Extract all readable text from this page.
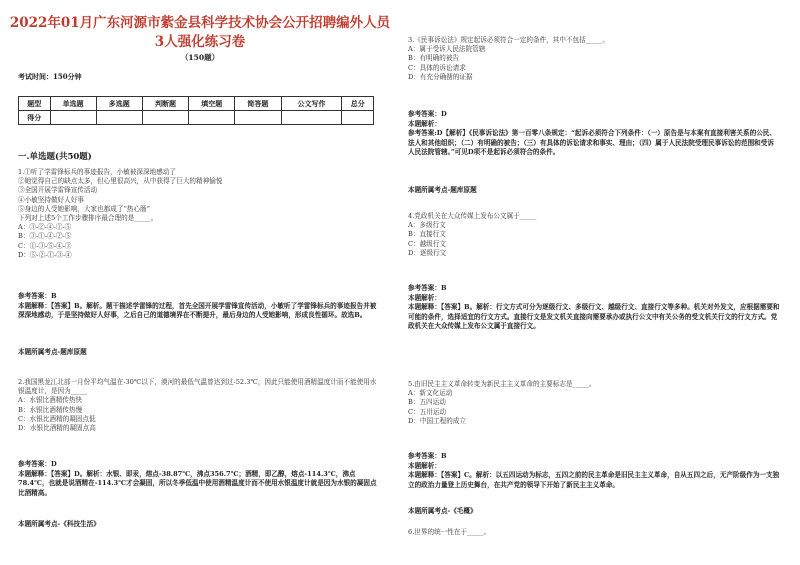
2022年01月广东河源市紫金县科学技术协会公开招聘编外人员3人强化练习卷
（150题）
考试时间：150分钟
题型	单选题	多选题	判断题	填空题	简答题	公文写作	总分
得分							
一.单选题(共50题)
1.①听了学雷锋标兵的事迹报告，小敏被深深地感动了
②她觉得自己的缺点太多，但心里很高兴，从中获得了巨大的精神愉悦
③全国开展学雷锋宣传活动
④小敏坚持做好人好事
⑤身边的人受她影响，大家也都成了“热心肠”
下列对上述5个工作步骤排序最合理的是_____。
A：③-②-④-①-⑤
B：③-①-④-②-⑤
C：①-③-⑤-④-③
D：⑤-②-①-③-④
参考答案：B
本题解释：【答案】B。解析。题干描述学雷锋的过程，首先全国开展学雷锋宣传活动，小敏听了学雷锋标兵的事迹报告并被深深地感动，于是坚持做好人好事，之后自己的道德境界在不断提升，最后身边的人受她影响，形成良性循环。故选B。
本题所属考点-题库原题
2.我国黑龙江北部一月份平均气温在-30℃以下，漠河的最低气温曾达到过-52.3℃，因此只能使用酒精温度计而不能使用水银温度计，是因为_____
A：水银比酒精传热快
B：水银比酒精传热慢
C：水银比酒精的凝固点低
D：水银比酒精的凝固点高
参考答案：D
本题解释：【答案】D。解析：水银、即汞，熔点-38.87℃，沸点356.7℃；酒精，即乙醇，熔点-114.3℃，沸点78.4℃，也就是说酒精在-114.3℃才会凝固，所以冬季低温中使用酒精温度计而不使用水银温度计就是因为水银的凝固点比酒精高。
本题所属考点-《科技生活》
3.《民事诉讼法》规定起诉必须符合一定的条件，其中不包括_____。
A：属于受诉人民法院管辖
B：有明确的被告
C：具体的诉讼请求
D：有充分确凿的证据
参考答案：D
本题解析：
参考答案:D【解析】《民事诉讼法》第一百零八条规定：“起诉必须符合下列条件：（一）原告是与本案有直接利害关系的公民、法人和其他组织；（二）有明确的被告；（三）有具体的诉讼请求和事实、理由；（四）属于人民法院受理民事诉讼的范围和受诉人民法院管辖。”可见D项不是起诉必须符合的条件。
本题所属考点-题库原题
4.党政机关在大众传媒上发布公文属于_____
A：多级行文
B：直接行文
C：越级行文
D：逐级行文
参考答案：B
本题解析：
本题解释：【答案】B。解析：行文方式可分为逐级行文、多级行文、越级行文、直接行文等多种。机关对外发文，应根据需要和可能的条件，选择适宜的行文方式。直接行文是发文机关直接向需要承办或执行公文中有关公务的受文机关行文的行文方式。党政机关在大众传媒上发布公文属于直接行文。
5.由旧民主主义革命转变为新民主主义革命的主要标志是_____。
A：新文化运动
B：五四运动
C：五卅运动
D：中国工程的成立
参考答案：B
本题解析：
本题解释：【答案】C。解析：以五四运动为标志，五四之前的民主革命是旧民主主义革命，自从五四之后，无产阶级作为一支独立的政治力量登上历史舞台，在共产党的领导下开始了新民主主义革命。
本题所属考点-《毛概》
6.世界的统一性在于_____。
